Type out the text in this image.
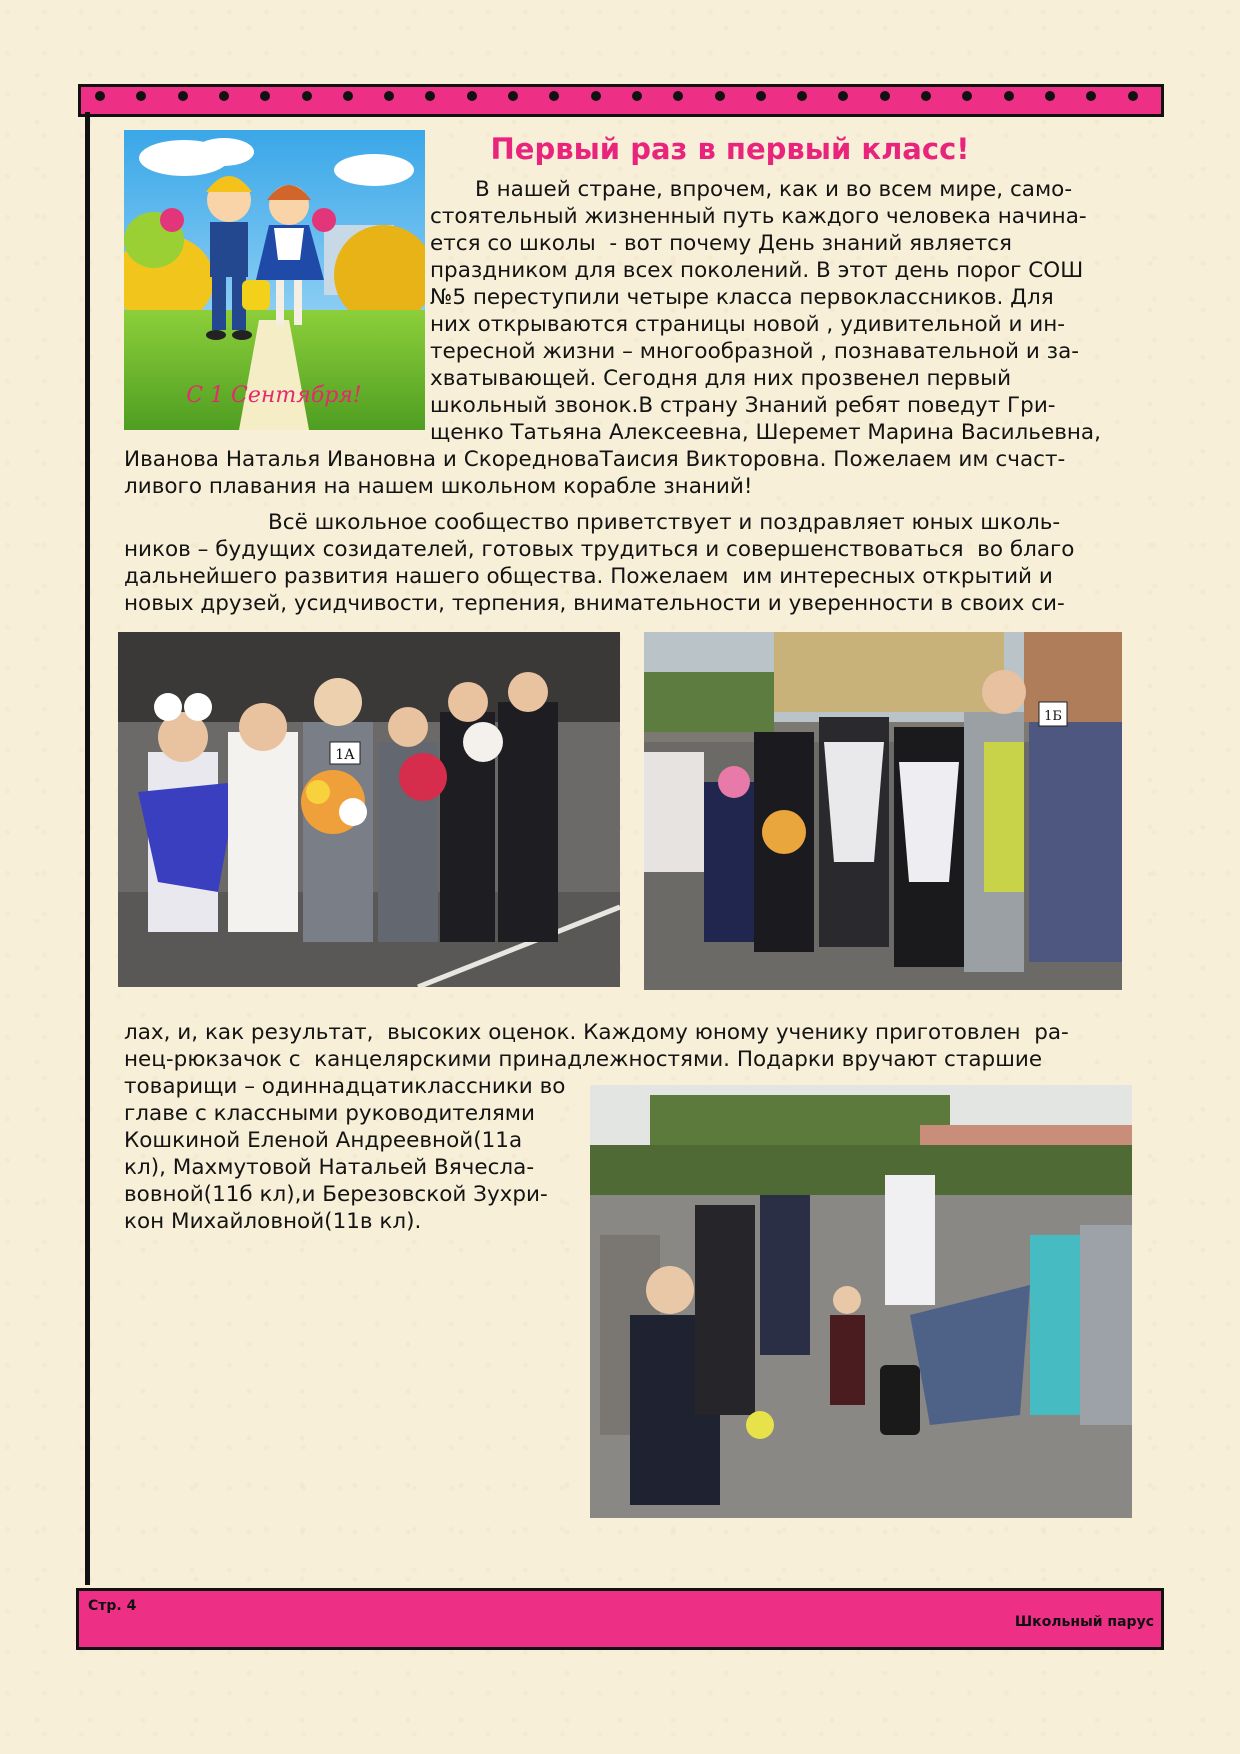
С 1 Сентября!
Первый раз в первый класс!
В нашей стране, впрочем, как и во всем мире, само-
стоятельный жизненный путь каждого человека начина-
ется со школы  - вот почему День знаний является
праздником для всех поколений. В этот день порог СОШ
№5 переступили четыре класса первоклассников. Для
них открываются страницы новой , удивительной и ин-
тересной жизни – многообразной , познавательной и за-
хватывающей. Сегодня для них прозвенел первый
школьный звонок.В страну Знаний ребят поведут Гри-
щенко Татьяна Алексеевна, Шеремет Марина Васильевна,
Иванова Наталья Ивановна и СкоредноваТаисия Викторовна. Пожелаем им счаст-
ливого плавания на нашем школьном корабле знаний!
Всё школьное сообщество приветствует и поздравляет юных школь-
ников – будущих созидателей, готовых трудиться и совершенствоваться  во благо
дальнейшего развития нашего общества. Пожелаем  им интересных открытий и
новых друзей, усидчивости, терпения, внимательности и уверенности в своих си-
1А
1Б
лах, и, как результат,  высоких оценок. Каждому юному ученику приготовлен  ра-
нец-рюкзачок с  канцелярскими принадлежностями. Подарки вручают старшие
товарищи – одиннадцатиклассники во
главе с классными руководителями
Кошкиной Еленой Андреевной(11а
кл), Махмутовой Натальей Вячесла-
вовной(11б кл),и Березовской Зухри-
кон Михайловной(11в кл).
Стр. 4
Школьный парус
